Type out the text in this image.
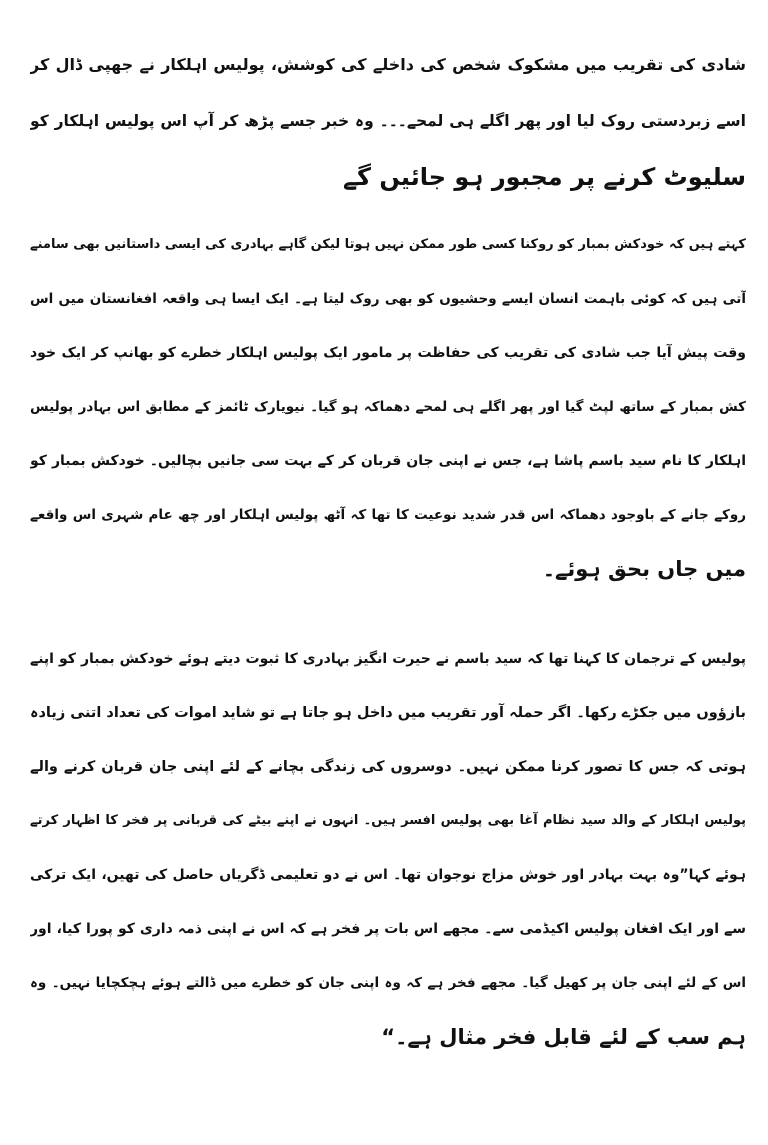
شادی کی تقریب میں مشکوک شخص کی داخلے کی کوشش، پولیس اہلکار نے جھپی ڈال کر
اسے زبردستی روک لیا اور پھر اگلے ہی لمحے۔۔۔ وہ خبر جسے پڑھ کر آپ اس پولیس اہلکار کو
سلیوٹ کرنے پر مجبور ہو جائیں گے
کہتے ہیں کہ خودکش بمبار کو روکنا کسی طور ممکن نہیں ہوتا لیکن گاہے بہادری کی ایسی داستانیں بھی سامنے
آتی ہیں کہ کوئی باہمت انسان ایسے وحشیوں کو بھی روک لیتا ہے۔ ایک ایسا ہی واقعہ افغانستان میں اس
وقت پیش آیا جب شادی کی تقریب کی حفاظت پر مامور ایک پولیس اہلکار خطرے کو بھانپ کر ایک خود
کش بمبار کے ساتھ لپٹ گیا اور پھر اگلے ہی لمحے دھماکہ ہو گیا۔ نیویارک ٹائمز کے مطابق اس بہادر پولیس
اہلکار کا نام سید باسم پاشا ہے، جس نے اپنی جان قربان کر کے بہت سی جانیں بچالیں۔ خودکش بمبار کو
روکے جانے کے باوجود دھماکہ اس قدر شدید نوعیت کا تھا کہ آٹھ پولیس اہلکار اور چھ عام شہری اس واقعے
میں جاں بحق ہوئے۔
پولیس کے ترجمان کا کہنا تھا کہ سید باسم نے حیرت انگیز بہادری کا ثبوت دیتے ہوئے خودکش بمبار کو اپنے
بازؤوں میں جکڑے رکھا۔ اگر حملہ آور تقریب میں داخل ہو جاتا ہے تو شاید اموات کی تعداد اتنی زیادہ
ہوتی کہ جس کا تصور کرنا ممکن نہیں۔ دوسروں کی زندگی بچانے کے لئے اپنی جان قربان کرنے والے
پولیس اہلکار کے والد سید نظام آغا بھی پولیس افسر ہیں۔ انہوں نے اپنے بیٹے کی قربانی پر فخر کا اظہار کرتے
ہوئے کہا”وہ بہت بہادر اور خوش مزاج نوجوان تھا۔ اس نے دو تعلیمی ڈگریاں حاصل کی تھیں، ایک ترکی
سے اور ایک افغان پولیس اکیڈمی سے۔ مجھے اس بات پر فخر ہے کہ اس نے اپنی ذمہ داری کو پورا کیا، اور
اس کے لئے اپنی جان پر کھیل گیا۔ مجھے فخر ہے کہ وہ اپنی جان کو خطرے میں ڈالتے ہوئے ہچکچایا نہیں۔ وہ
ہم سب کے لئے قابل فخر مثال ہے۔“
